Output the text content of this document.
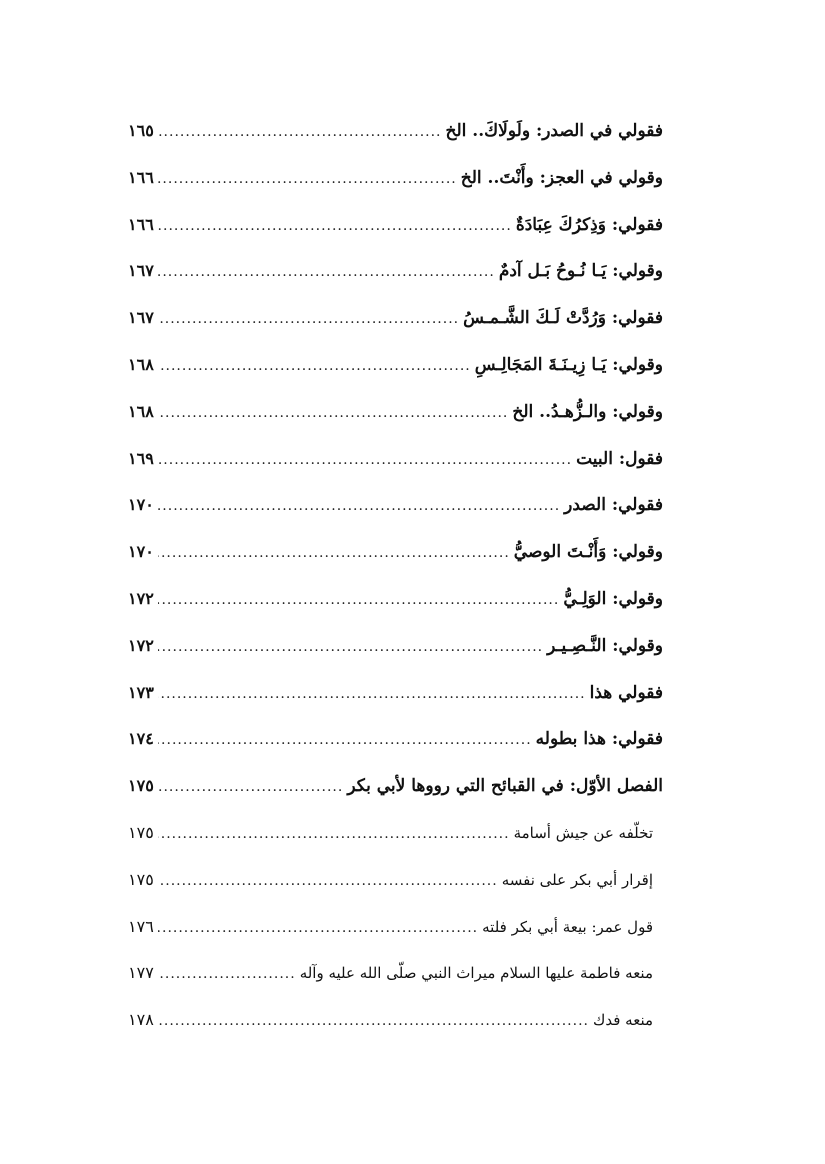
فقولي في الصدر: ولَولَاكَ.. الخ
.....
١٦٥
وقولي في العجز: وأَنْتَ.. الخ
.....
١٦٦
فقولي: وَذِكرُكَ عِبَادَةٌ
.....
١٦٦
وقولي: يَـا نُـوحُ بَـل آدمٌ
.....
١٦٧
فقولي: وَرُدَّتْ لَـكَ الشَّـمـسُ
.....
١٦٧
وقولي: يَـا زِيـنَـةَ المَجَالِـسِ
.....
١٦٨
وقولي: والـزُّهـدُ.. الخ
.....
١٦٨
فقول: البيت
.....
١٦٩
فقولي: الصدر
.....
١٧٠
وقولي: وَأَنْـتَ الوصيُّ
.....
١٧٠
وقولي: الوَلِـيُّ
.....
١٧٢
وقولي: النَّـصِـيـر
.....
١٧٢
فقولي هذا
.....
١٧٣
فقولي: هذا بطوله
.....
١٧٤
الفصل الأوّل: في القبائح التي رووها لأبي بكر
.....
١٧٥
تخلّفه عن جيش أسامة
.....
١٧٥
إقرار أبي بكر على نفسه
.....
١٧٥
قول عمر: بيعة أبي بكر فلته
.....
١٧٦
منعه فاطمة عليها السلام ميراث النبي صلّى الله عليه وآله
.....
١٧٧
منعه فدك
.....
١٧٨
